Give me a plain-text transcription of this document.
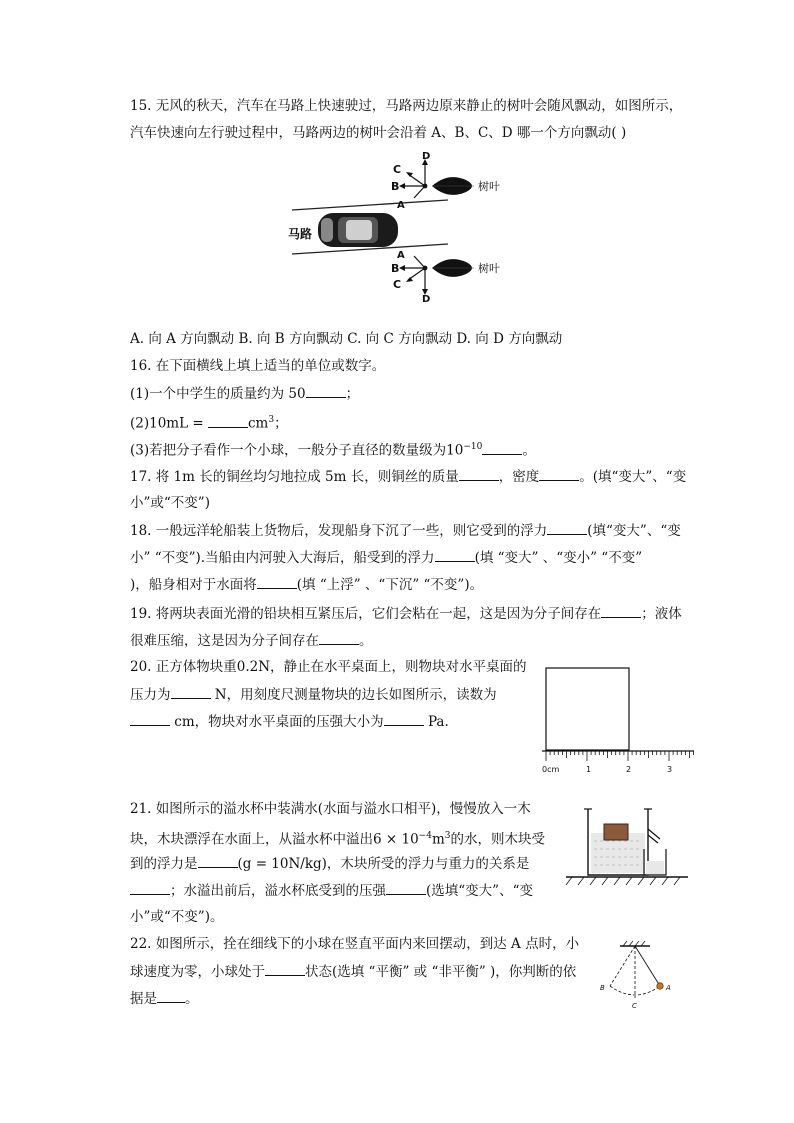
15. 无风的秋天，汽车在马路上快速驶过，马路两边原来静止的树叶会随风飘动，如图所示，
汽车快速向左行驶过程中，马路两边的树叶会沿着 A、B、C、D 哪一个方向飘动( )
马路
树叶
C
B
D
A
树叶
A
B
C
D
A. 向 A 方向飘动 B. 向 B 方向飘动 C. 向 C 方向飘动 D. 向 D 方向飘动
16. 在下面横线上填上适当的单位或数字。
(1)一个中学生的质量约为 50	；
(2)10mL =	$cm^3$；
(3)若把分子看作一个小球，一般分子直径的数量级为$10^{-10}$	。
17. 将 1m 长的铜丝均匀地拉成 5m 长，则铜丝的质量	，密度	。(填“变大”、“变
小”或“不变”)
18. 一般远洋轮船装上货物后，发现船身下沉了一些，则它受到的浮力	(填“变大”、“变
小” “不变”).当船由内河驶入大海后，船受到的浮力	(填 “变大” 、“变小” “不变”
)，船身相对于水面将	(填 “上浮” 、“下沉” “不变”)。
19. 将两块表面光滑的铅块相互紧压后，它们会粘在一起，这是因为分子间存在	；液体
很难压缩，这是因为分子间存在	。
20. 正方体物块重0.2N，静止在水平桌面上，则物块对水平桌面的
压力为	N，用刻度尺测量物块的边长如图所示，读数为
cm，物块对水平桌面的压强大小为	Pa.
0cm	1	2	3
21. 如图所示的溢水杯中装满水(水面与溢水口相平)，慢慢放入一木
块，木块漂浮在水面上，从溢水杯中溢出$6 \times 10^{-4}m^3$的水，则木块受
到的浮力是	(g = 10N/kg)，木块所受的浮力与重力的关系是
；水溢出前后，溢水杯底受到的压强	(选填“变大”、“变
小”或“不变”)。
22. 如图所示，拴在细线下的小球在竖直平面内来回摆动，到达 A 点时，小
球速度为零，小球处于	状态(选填 “平衡” 或 “非平衡” )，你判断的依
据是 。
B	A
C
